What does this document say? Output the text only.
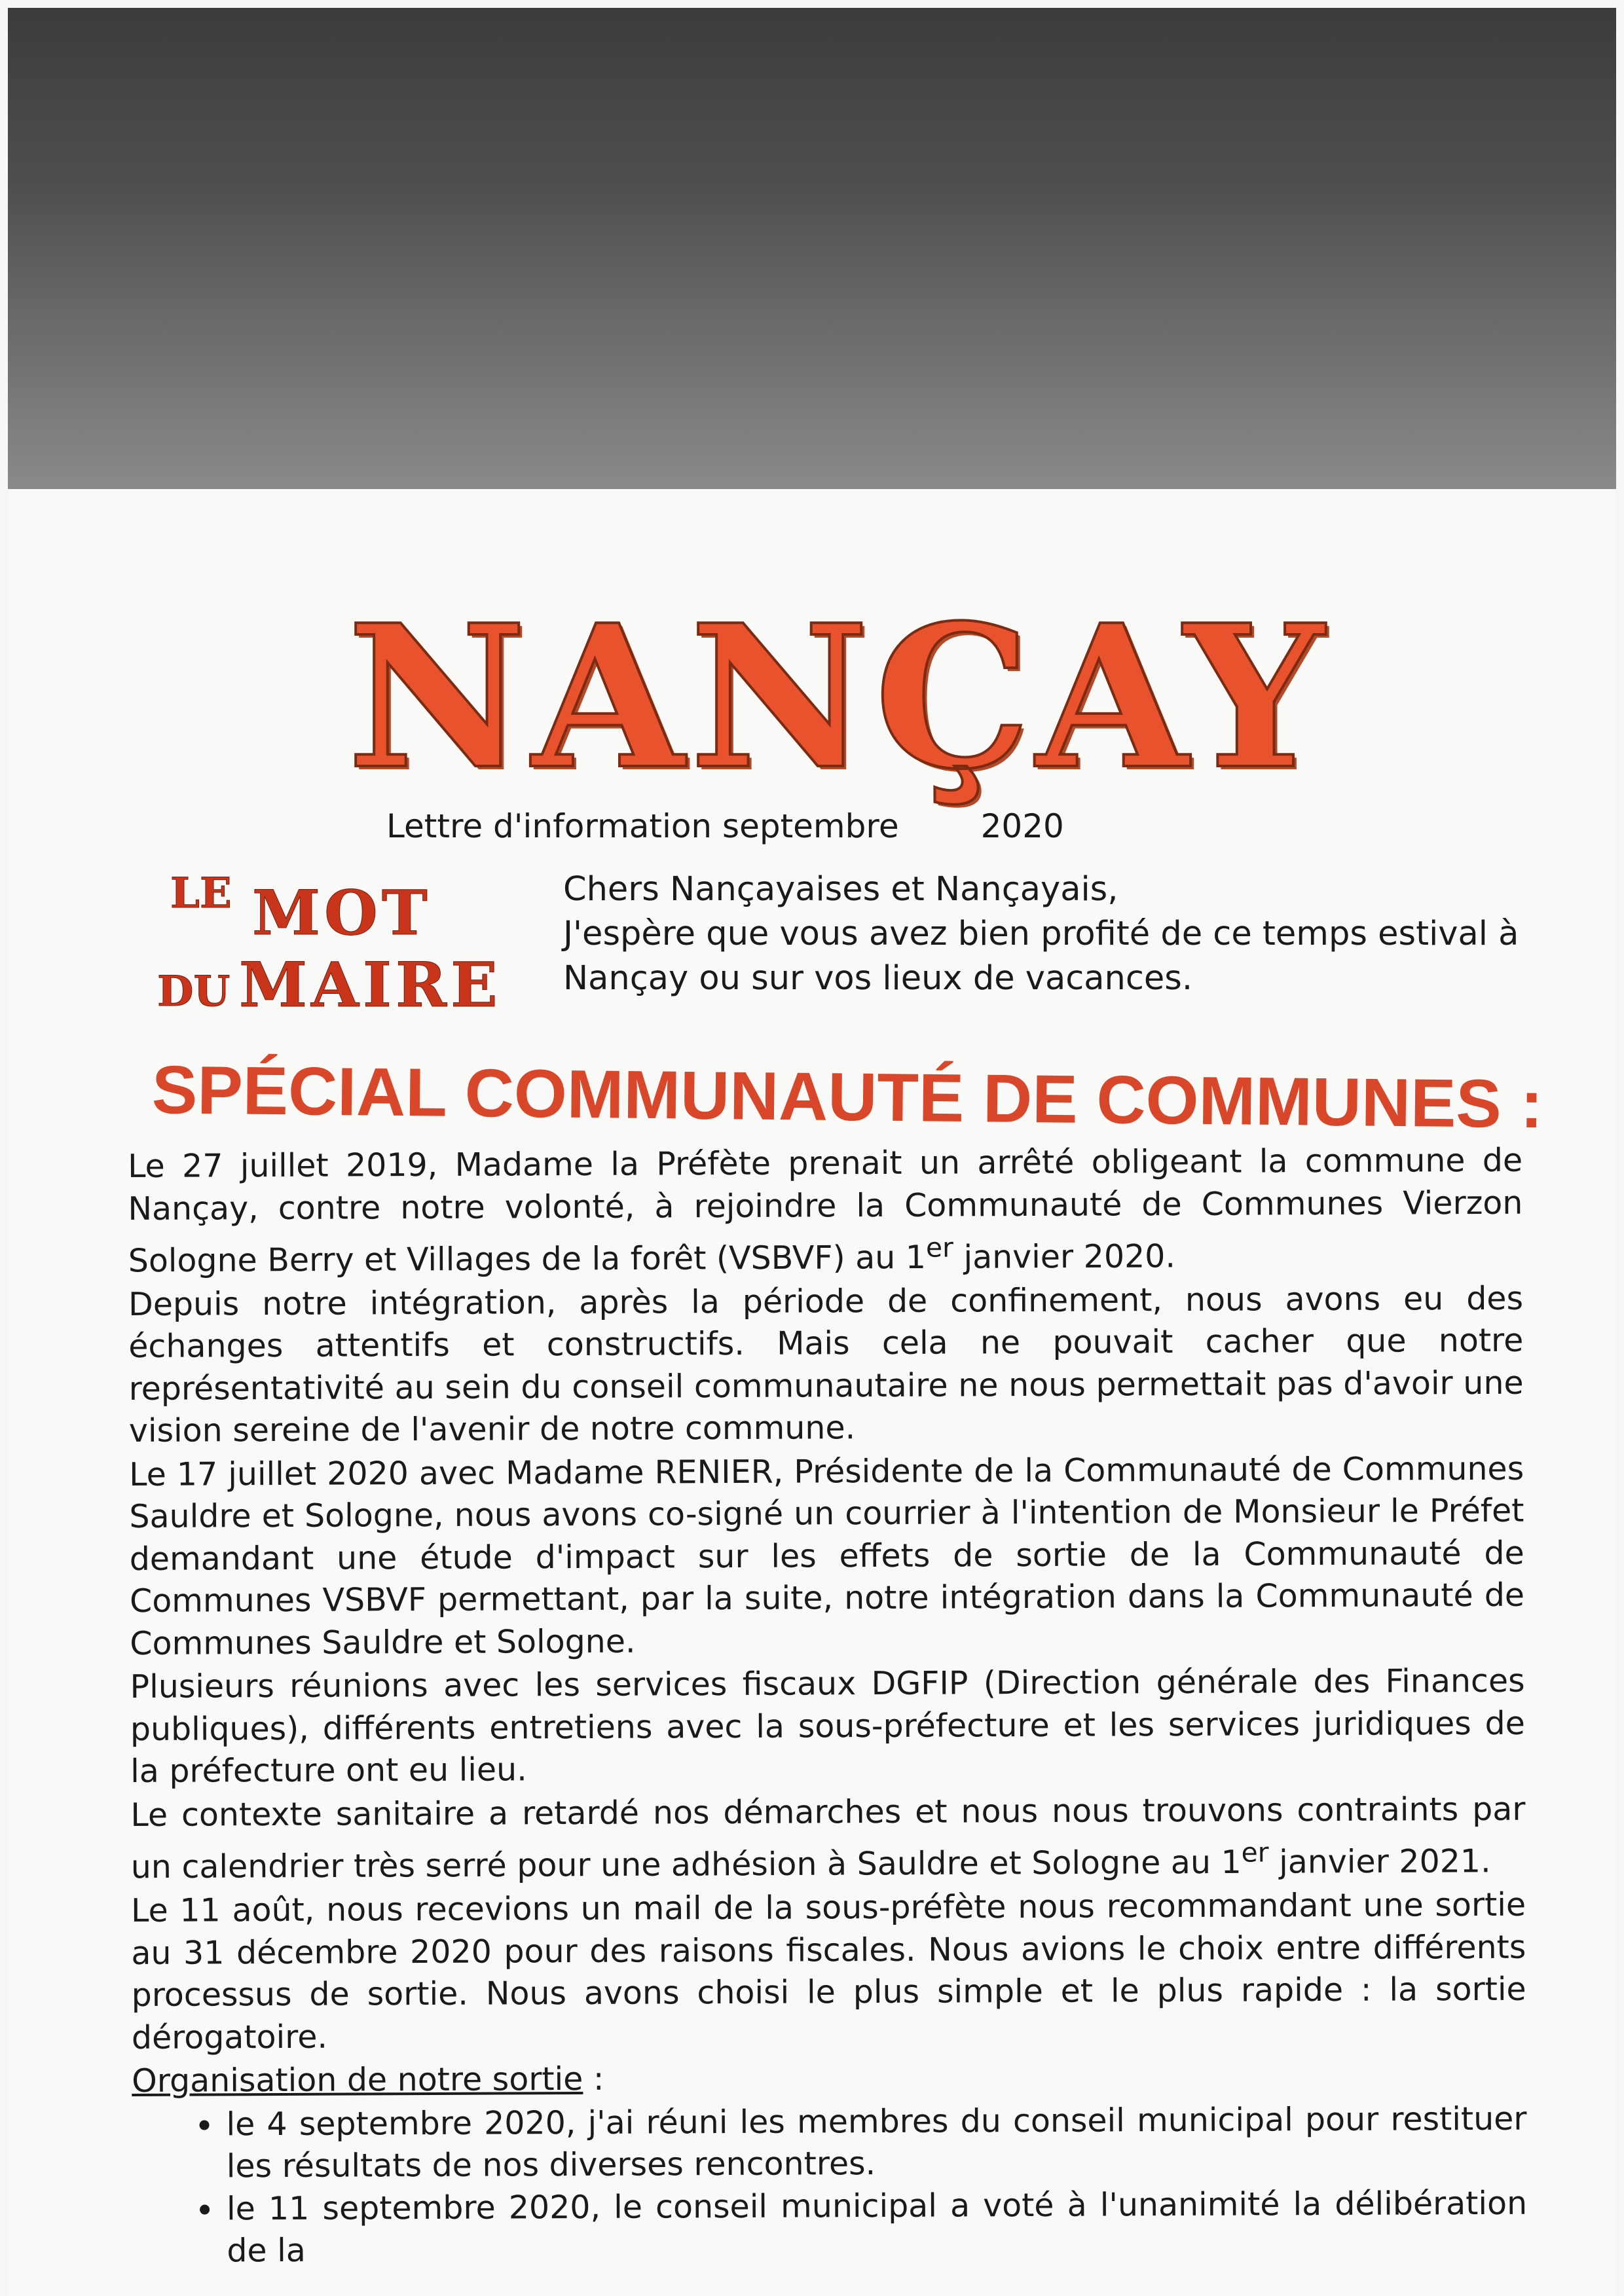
NANÇAY
Lettre d'information septembre	2020
LE MOT
DU MAIRE

Chers Nançayaises et Nançayais,

J'espère que vous avez bien profité de ce temps estival à Nançay ou sur vos lieux de vacances.

SPÉCIAL COMMUNAUTÉ DE COMMUNES :

Le 27 juillet 2019, Madame la Préfète prenait un arrêté obligeant la commune de Nançay, contre notre volonté, à rejoindre la Communauté de Communes Vierzon Sologne Berry et Villages de la forêt (VSBVF) au 1er janvier 2020.

Depuis notre intégration, après la période de confinement, nous avons eu des échanges attentifs et constructifs. Mais cela ne pouvait cacher que notre représentativité au sein du conseil communautaire ne nous permettait pas d'avoir une vision sereine de l'avenir de notre commune.

Le 17 juillet 2020 avec Madame RENIER, Présidente de la Communauté de Communes Sauldre et Sologne, nous avons co-signé un courrier à l'intention de Monsieur le Préfet demandant une étude d'impact sur les effets de sortie de la Communauté de Communes VSBVF permettant, par la suite, notre intégration dans la Communauté de Communes Sauldre et Sologne.

Plusieurs réunions avec les services fiscaux DGFIP (Direction générale des Finances publiques), différents entretiens avec la sous-préfecture et les services juridiques de la préfecture ont eu lieu.

Le contexte sanitaire a retardé nos démarches et nous nous trouvons contraints par un calendrier très serré pour une adhésion à Sauldre et Sologne au 1er janvier 2021.

Le 11 août, nous recevions un mail de la sous-préfète nous recommandant une sortie au 31 décembre 2020 pour des raisons fiscales. Nous avions le choix entre différents processus de sortie. Nous avons choisi le plus simple et le plus rapide : la sortie dérogatoire.

Organisation de notre sortie :

• le 4 septembre 2020, j'ai réuni les membres du conseil municipal pour restituer les résultats de nos diverses rencontres.
• le 11 septembre 2020, le conseil municipal a voté à l'unanimité la délibération de la
